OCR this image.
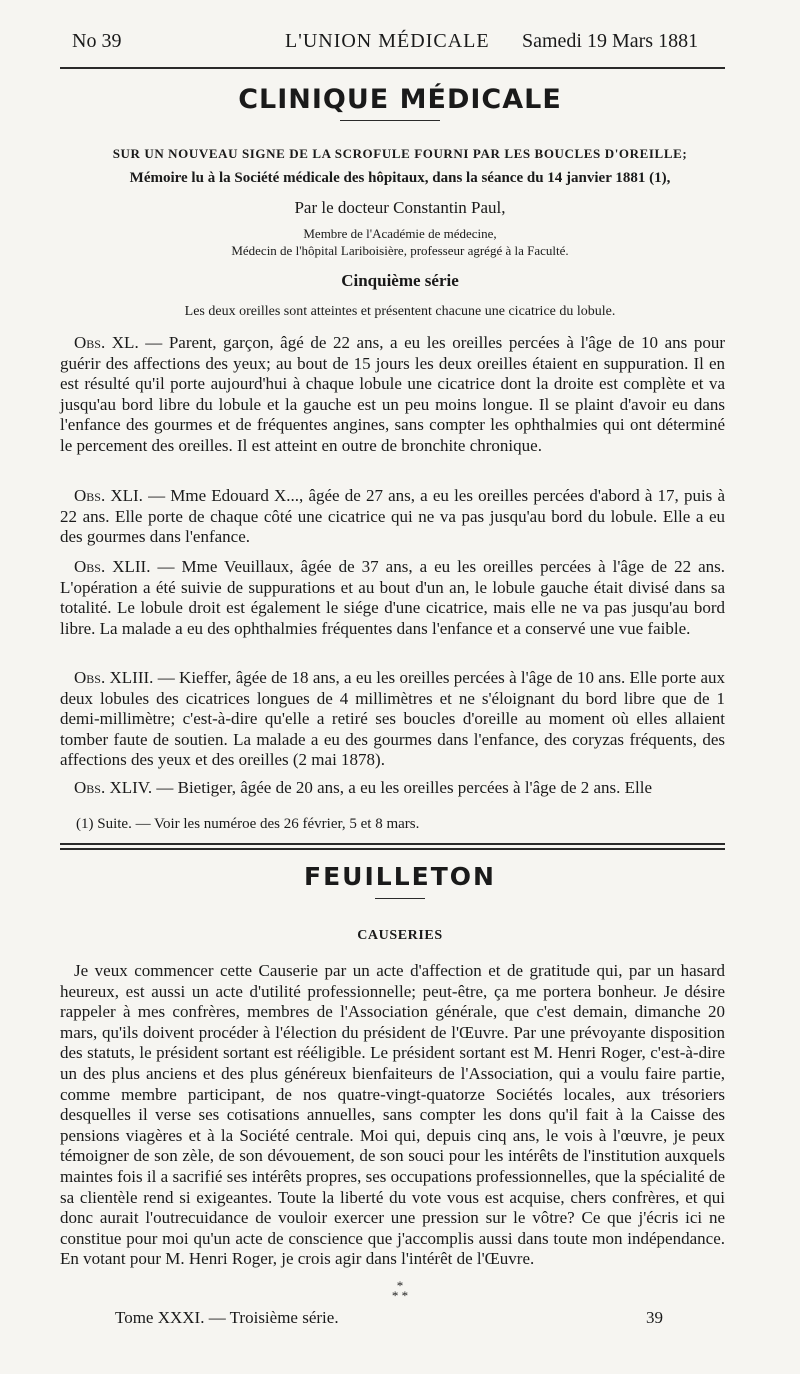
No 39	L'UNION MÉDICALE Samedi 19 Mars 1881
CLINIQUE MÉDICALE
SUR UN NOUVEAU SIGNE DE LA SCROFULE FOURNI PAR LES BOUCLES D'OREILLE;
Mémoire lu à la Société médicale des hôpitaux, dans la séance du 14 janvier 1881 (1),
Par le docteur Constantin Paul,
Membre de l'Académie de médecine,
Médecin de l'hôpital Lariboisière, professeur agrégé à la Faculté.
Cinquième série
Les deux oreilles sont atteintes et présentent chacune une cicatrice du lobule.
Obs. XL. — Parent, garçon, âgé de 22 ans, a eu les oreilles percées à l'âge de 10 ans pour guérir des affections des yeux; au bout de 15 jours les deux oreilles étaient en suppuration. Il en est résulté qu'il porte aujourd'hui à chaque lobule une cicatrice dont la droite est complète et va jusqu'au bord libre du lobule et la gauche est un peu moins longue. Il se plaint d'avoir eu dans l'enfance des gourmes et de fréquentes angines, sans compter les ophthalmies qui ont déterminé le percement des oreilles. Il est atteint en outre de bronchite chronique.
Obs. XLI. — Mme Edouard X..., âgée de 27 ans, a eu les oreilles percées d'abord à 17, puis à 22 ans. Elle porte de chaque côté une cicatrice qui ne va pas jusqu'au bord du lobule. Elle a eu des gourmes dans l'enfance.
Obs. XLII. — Mme Veuillaux, âgée de 37 ans, a eu les oreilles percées à l'âge de 22 ans. L'opération a été suivie de suppurations et au bout d'un an, le lobule gauche était divisé dans sa totalité. Le lobule droit est également le siége d'une cicatrice, mais elle ne va pas jusqu'au bord libre. La malade a eu des ophthalmies fréquentes dans l'enfance et a conservé une vue faible.
Obs. XLIII. — Kieffer, âgée de 18 ans, a eu les oreilles percées à l'âge de 10 ans. Elle porte aux deux lobules des cicatrices longues de 4 millimètres et ne s'éloignant du bord libre que de 1 demi-millimètre; c'est-à-dire qu'elle a retiré ses boucles d'oreille au moment où elles allaient tomber faute de soutien. La malade a eu des gourmes dans l'enfance, des coryzas fréquents, des affections des yeux et des oreilles (2 mai 1878).
Obs. XLIV. — Bietiger, âgée de 20 ans, a eu les oreilles percées à l'âge de 2 ans. Elle
(1) Suite. — Voir les numéroe des 26 février, 5 et 8 mars.
FEUILLETON
CAUSERIES
Je veux commencer cette Causerie par un acte d'affection et de gratitude qui, par un hasard heureux, est aussi un acte d'utilité professionnelle; peut-être, ça me portera bonheur. Je désire rappeler à mes confrères, membres de l'Association générale, que c'est demain, dimanche 20 mars, qu'ils doivent procéder à l'élection du président de l'Œuvre. Par une prévoyante disposition des statuts, le président sortant est rééligible. Le président sortant est M. Henri Roger, c'est-à-dire un des plus anciens et des plus généreux bienfaiteurs de l'Association, qui a voulu faire partie, comme membre participant, de nos quatre-vingt-quatorze Sociétés locales, aux trésoriers desquelles il verse ses cotisations annuelles, sans compter les dons qu'il fait à la Caisse des pensions viagères et à la Société centrale. Moi qui, depuis cinq ans, le vois à l'œuvre, je peux témoigner de son zèle, de son dévouement, de son souci pour les intérêts de l'institution auxquels maintes fois il a sacrifié ses intérêts propres, ses occupations professionnelles, que la spécialité de sa clientèle rend si exigeantes. Toute la liberté du vote vous est acquise, chers confrères, et qui donc aurait l'outrecuidance de vouloir exercer une pression sur le vôtre? Ce que j'écris ici ne constitue pour moi qu'un acte de conscience que j'accomplis aussi dans toute mon indépendance. En votant pour M. Henri Roger, je crois agir dans l'intérêt de l'Œuvre.
*
* *
Tome XXXI. — Troisième série.	39
